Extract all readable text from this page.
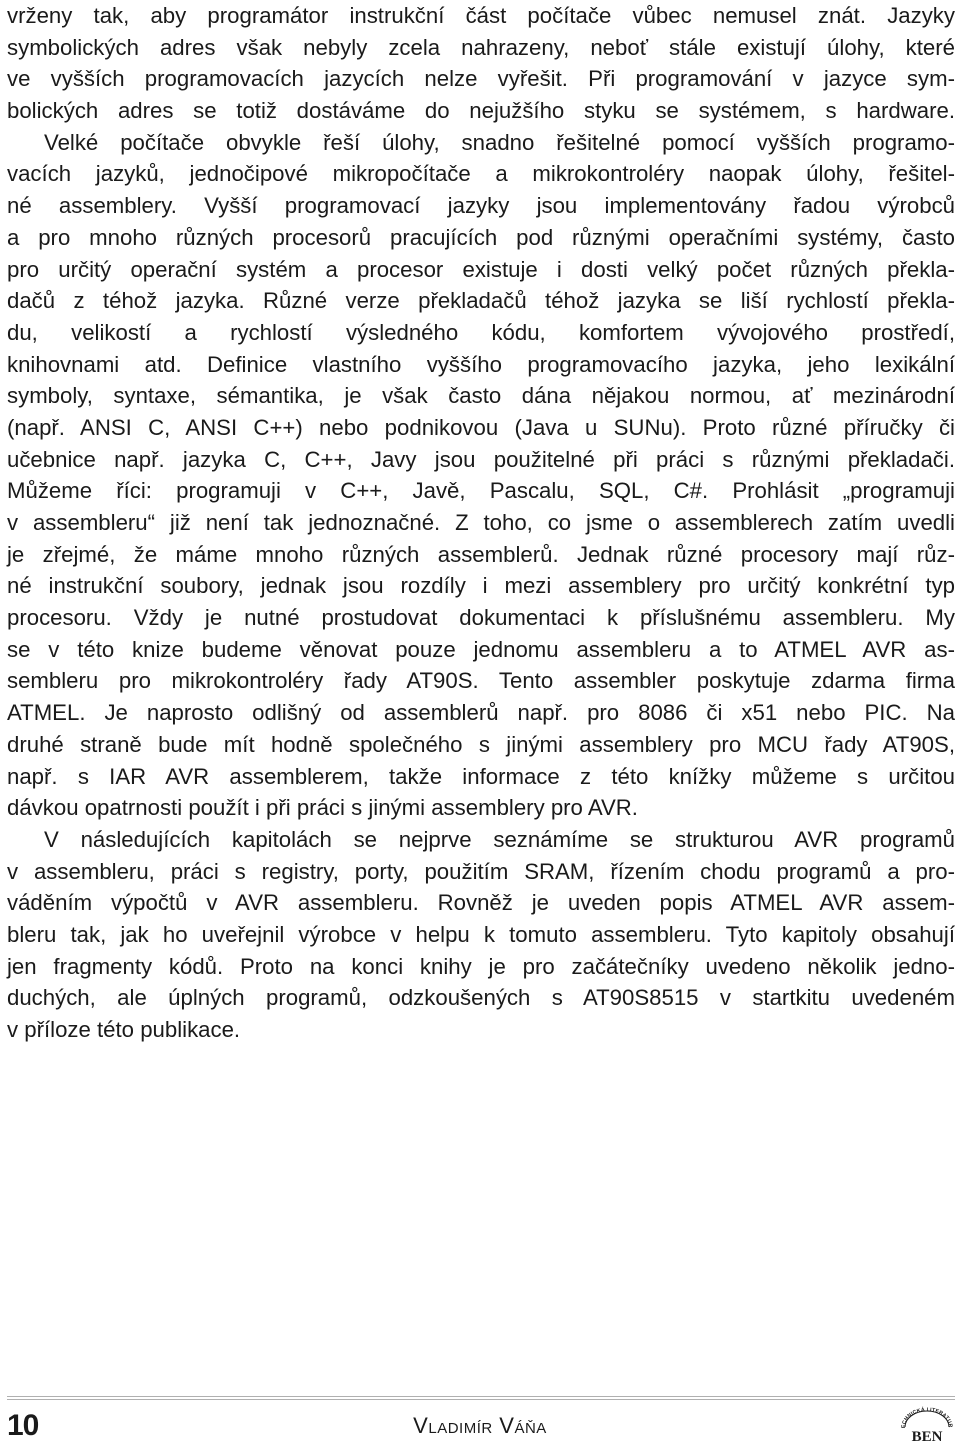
vrženy tak, aby programátor instrukční část počítače vůbec nemusel znát. Jazyky
symbolických adres však nebyly zcela nahrazeny, neboť stále existují úlohy, které
ve vyšších programovacích jazycích nelze vyřešit. Při programování v jazyce sym-
bolických adres se totiž dostáváme do nejužšího styku se systémem, s hardware.
Velké počítače obvykle řeší úlohy, snadno řešitelné pomocí vyšších programo-
vacích jazyků, jednočipové mikropočítače a mikrokontroléry naopak úlohy, řešitel-
né assemblery. Vyšší programovací jazyky jsou implementovány řadou výrobců
a pro mnoho různých procesorů pracujících pod různými operačními systémy, často
pro určitý operační systém a procesor existuje i dosti velký počet různých překla-
dačů z téhož jazyka. Různé verze překladačů téhož jazyka se liší rychlostí překla-
du, velikostí a rychlostí výsledného kódu, komfortem vývojového prostředí,
knihovnami atd. Definice vlastního vyššího programovacího jazyka, jeho lexikální
symboly, syntaxe, sémantika, je však často dána nějakou normou, ať mezinárodní
(např. ANSI C, ANSI C++) nebo podnikovou (Java u SUNu). Proto různé příručky či
učebnice např. jazyka C, C++, Javy jsou použitelné při práci s různými překladači.
Můžeme říci: programuji v C++, Javě, Pascalu, SQL, C#. Prohlásit „programuji
v assembleru“ již není tak jednoznačné. Z toho, co jsme o assemblerech zatím uvedli
je zřejmé, že máme mnoho různých assemblerů. Jednak různé procesory mají růz-
né instrukční soubory, jednak jsou rozdíly i mezi assemblery pro určitý konkrétní typ
procesoru. Vždy je nutné prostudovat dokumentaci k příslušnému assembleru. My
se v této knize budeme věnovat pouze jednomu assembleru a to ATMEL AVR as-
sembleru pro mikrokontroléry řady AT90S. Tento assembler poskytuje zdarma firma
ATMEL. Je naprosto odlišný od assemblerů např. pro 8086 či x51 nebo PIC. Na
druhé straně bude mít hodně společného s jinými assemblery pro MCU řady AT90S,
např. s IAR AVR assemblerem, takže informace z této knížky můžeme s určitou
dávkou opatrnosti použít i při práci s jinými assemblery pro AVR.
V následujících kapitolách se nejprve seznámíme se strukturou AVR programů
v assembleru, práci s registry, porty, použitím SRAM, řízením chodu programů a pro-
váděním výpočtů v AVR assembleru. Rovněž je uveden popis ATMEL AVR assem-
bleru tak, jak ho uveřejnil výrobce v helpu k tomuto assembleru. Tyto kapitoly obsahují
jen fragmenty kódů. Proto na konci knihy je pro začátečníky uvedeno několik jedno-
duchých, ale úplných programů, odzkoušených s AT90S8515 v startkitu uvedeném
v příloze této publikace.
10	Vladimír Váňa	ECHNICKÁ LITERATUR
BEN
